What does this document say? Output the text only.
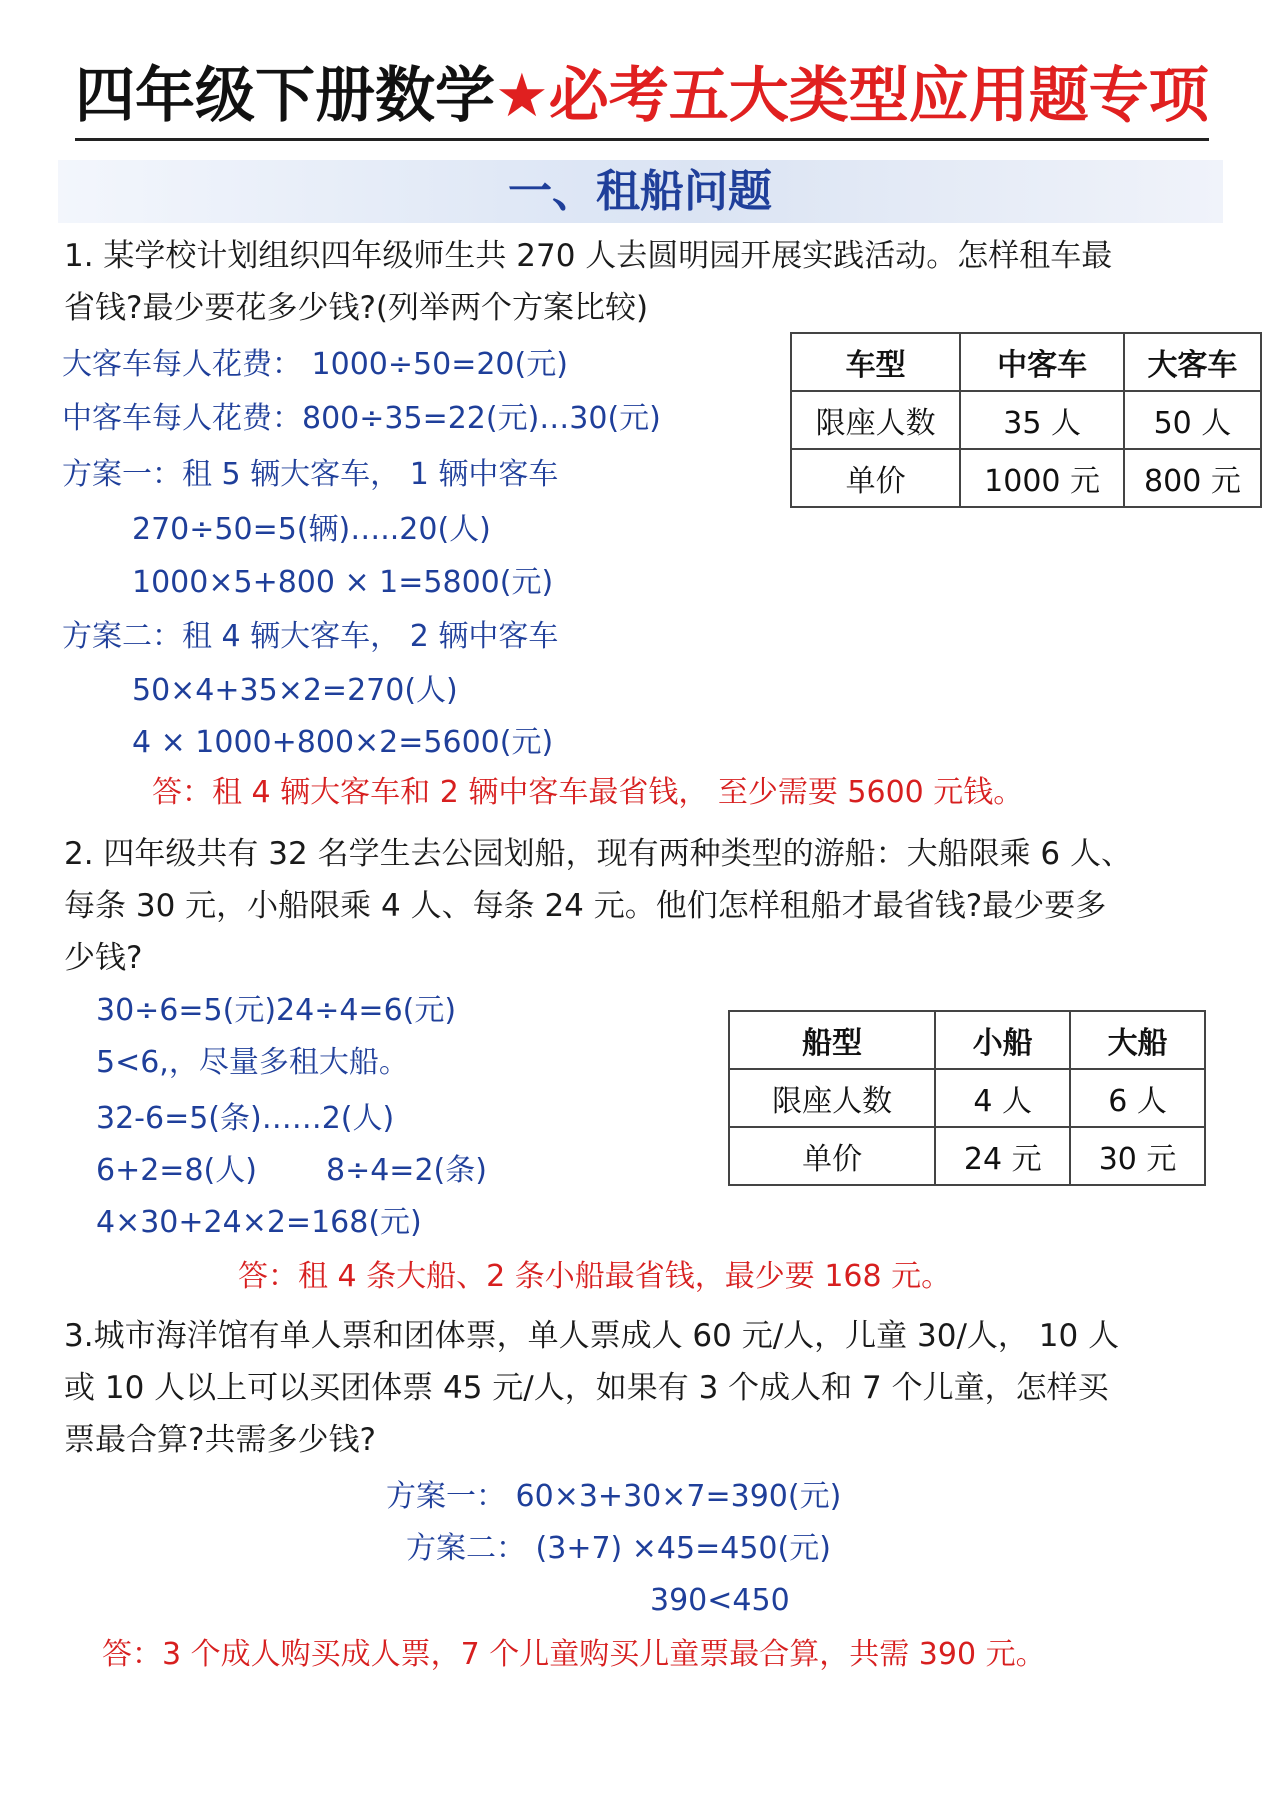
四年级下册数学★必考五大类型应用题专项
一、租船问题
1. 某学校计划组织四年级师生共 270 人去圆明园开展实践活动。怎样租车最
省钱?最少要花多少钱?(列举两个方案比较)
大客车每人花费： 1000÷50=20(元)
中客车每人花费：800÷35=22(元)…30(元)
方案一：租 5 辆大客车， 1 辆中客车
270÷50=5(辆)…..20(人)
1000×5+800 × 1=5800(元)
方案二：租 4 辆大客车， 2 辆中客车
50×4+35×2=270(人)
4 × 1000+800×2=5600(元)
答：租 4 辆大客车和 2 辆中客车最省钱， 至少需要 5600 元钱。
车型	中客车	大客车
限座人数	35 人	50 人
单价	1000 元	800 元
2. 四年级共有 32 名学生去公园划船，现有两种类型的游船：大船限乘 6 人、
每条 30 元，小船限乘 4 人、每条 24 元。他们怎样租船才最省钱?最少要多
少钱?
30÷6=5(元)24÷4=6(元)
5<6,，尽量多租大船。
32-6=5(条)……2(人)
6+2=8(人) 8÷4=2(条)
4×30+24×2=168(元)
答：租 4 条大船、2 条小船最省钱，最少要 168 元。
船型	小船	大船
限座人数	4 人	6 人
单价	24 元	30 元
3.城市海洋馆有单人票和团体票，单人票成人 60 元/人，儿童 30/人， 10 人
或 10 人以上可以买团体票 45 元/人，如果有 3 个成人和 7 个儿童，怎样买
票最合算?共需多少钱?
方案一： 60×3+30×7=390(元)
方案二： (3+7) ×45=450(元)
390<450
答：3 个成人购买成人票，7 个儿童购买儿童票最合算，共需 390 元。
